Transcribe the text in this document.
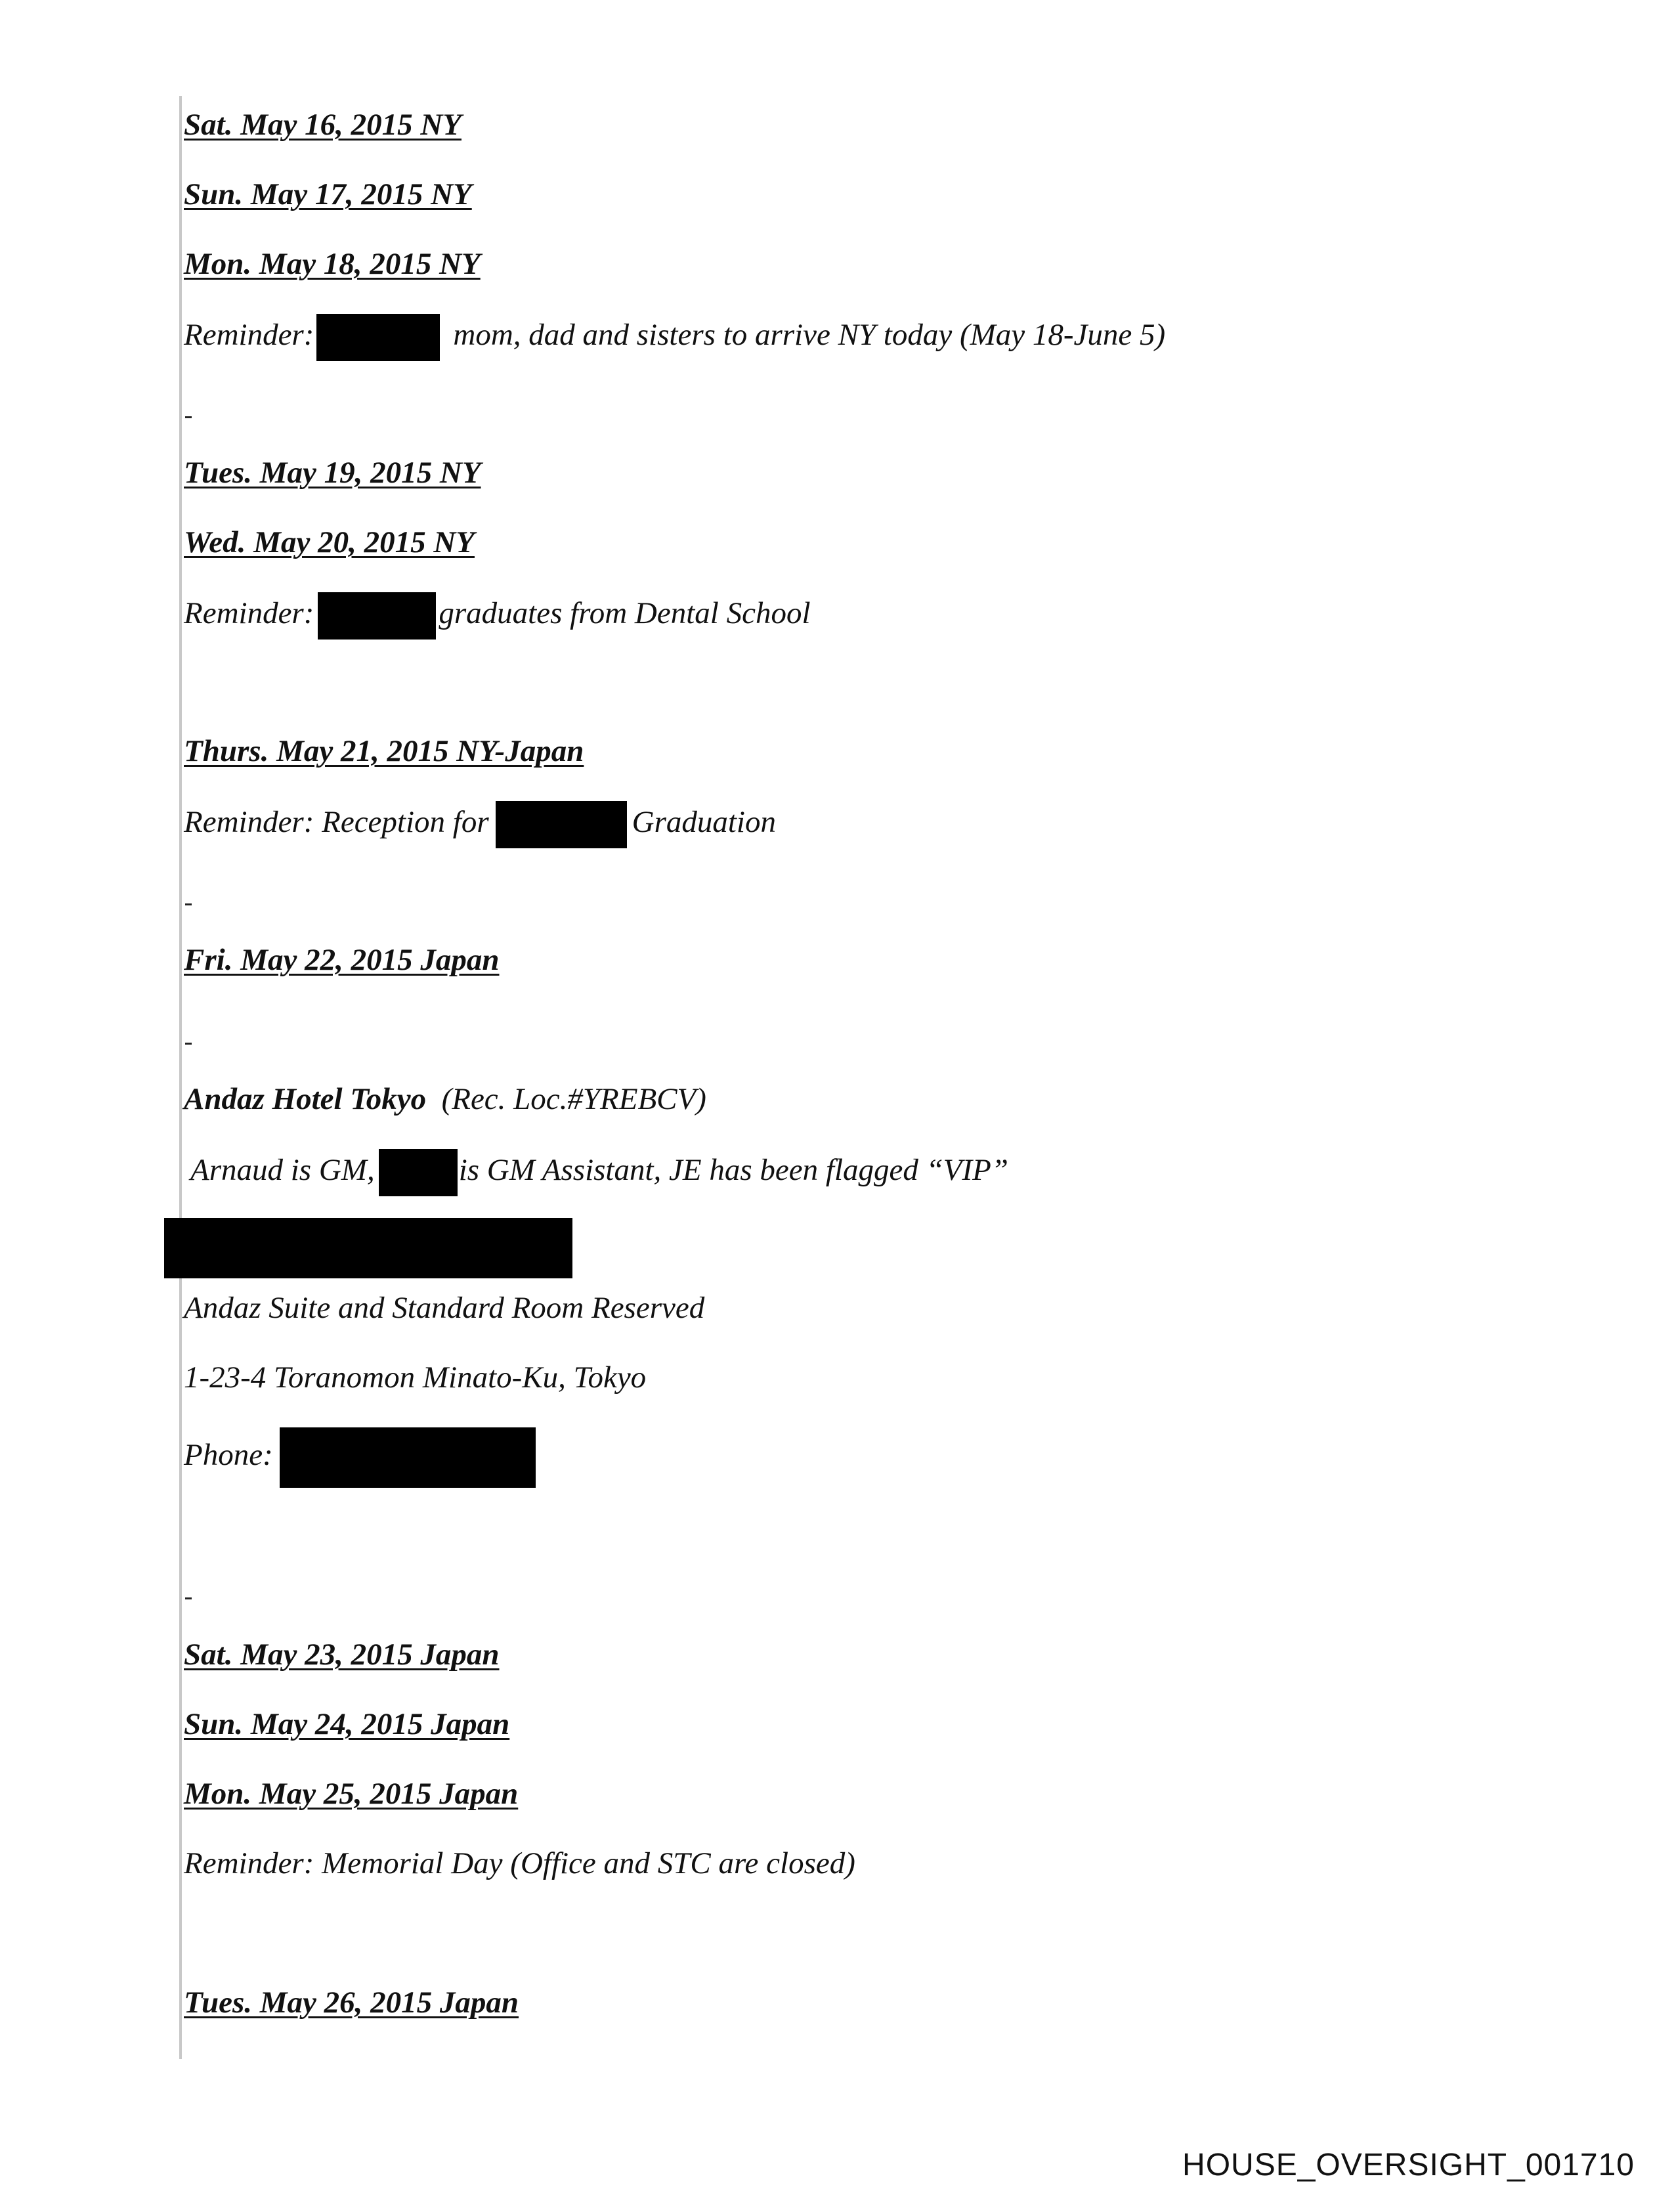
Sat. May 16, 2015 NY
Sun. May 17, 2015 NY
Mon. May 18, 2015 NY
Reminder:	mom, dad and sisters to arrive NY today (May 18-June 5)
Tues. May 19, 2015 NY
Wed. May 20, 2015 NY
Reminder:	graduates from Dental School
Thurs. May 21, 2015 NY-Japan
Reminder: Reception for	Graduation
Fri. May 22, 2015 Japan
Andaz Hotel Tokyo (Rec. Loc.#YREBCV)
Arnaud is GM,	is GM Assistant, JE has been flagged “VIP”
Andaz Suite and Standard Room Reserved
1-23-4 Toranomon Minato-Ku, Tokyo
Phone:
Sat. May 23, 2015 Japan
Sun. May 24, 2015 Japan
Mon. May 25, 2015 Japan
Reminder: Memorial Day (Office and STC are closed)
Tues. May 26, 2015 Japan
HOUSE_OVERSIGHT_001710
